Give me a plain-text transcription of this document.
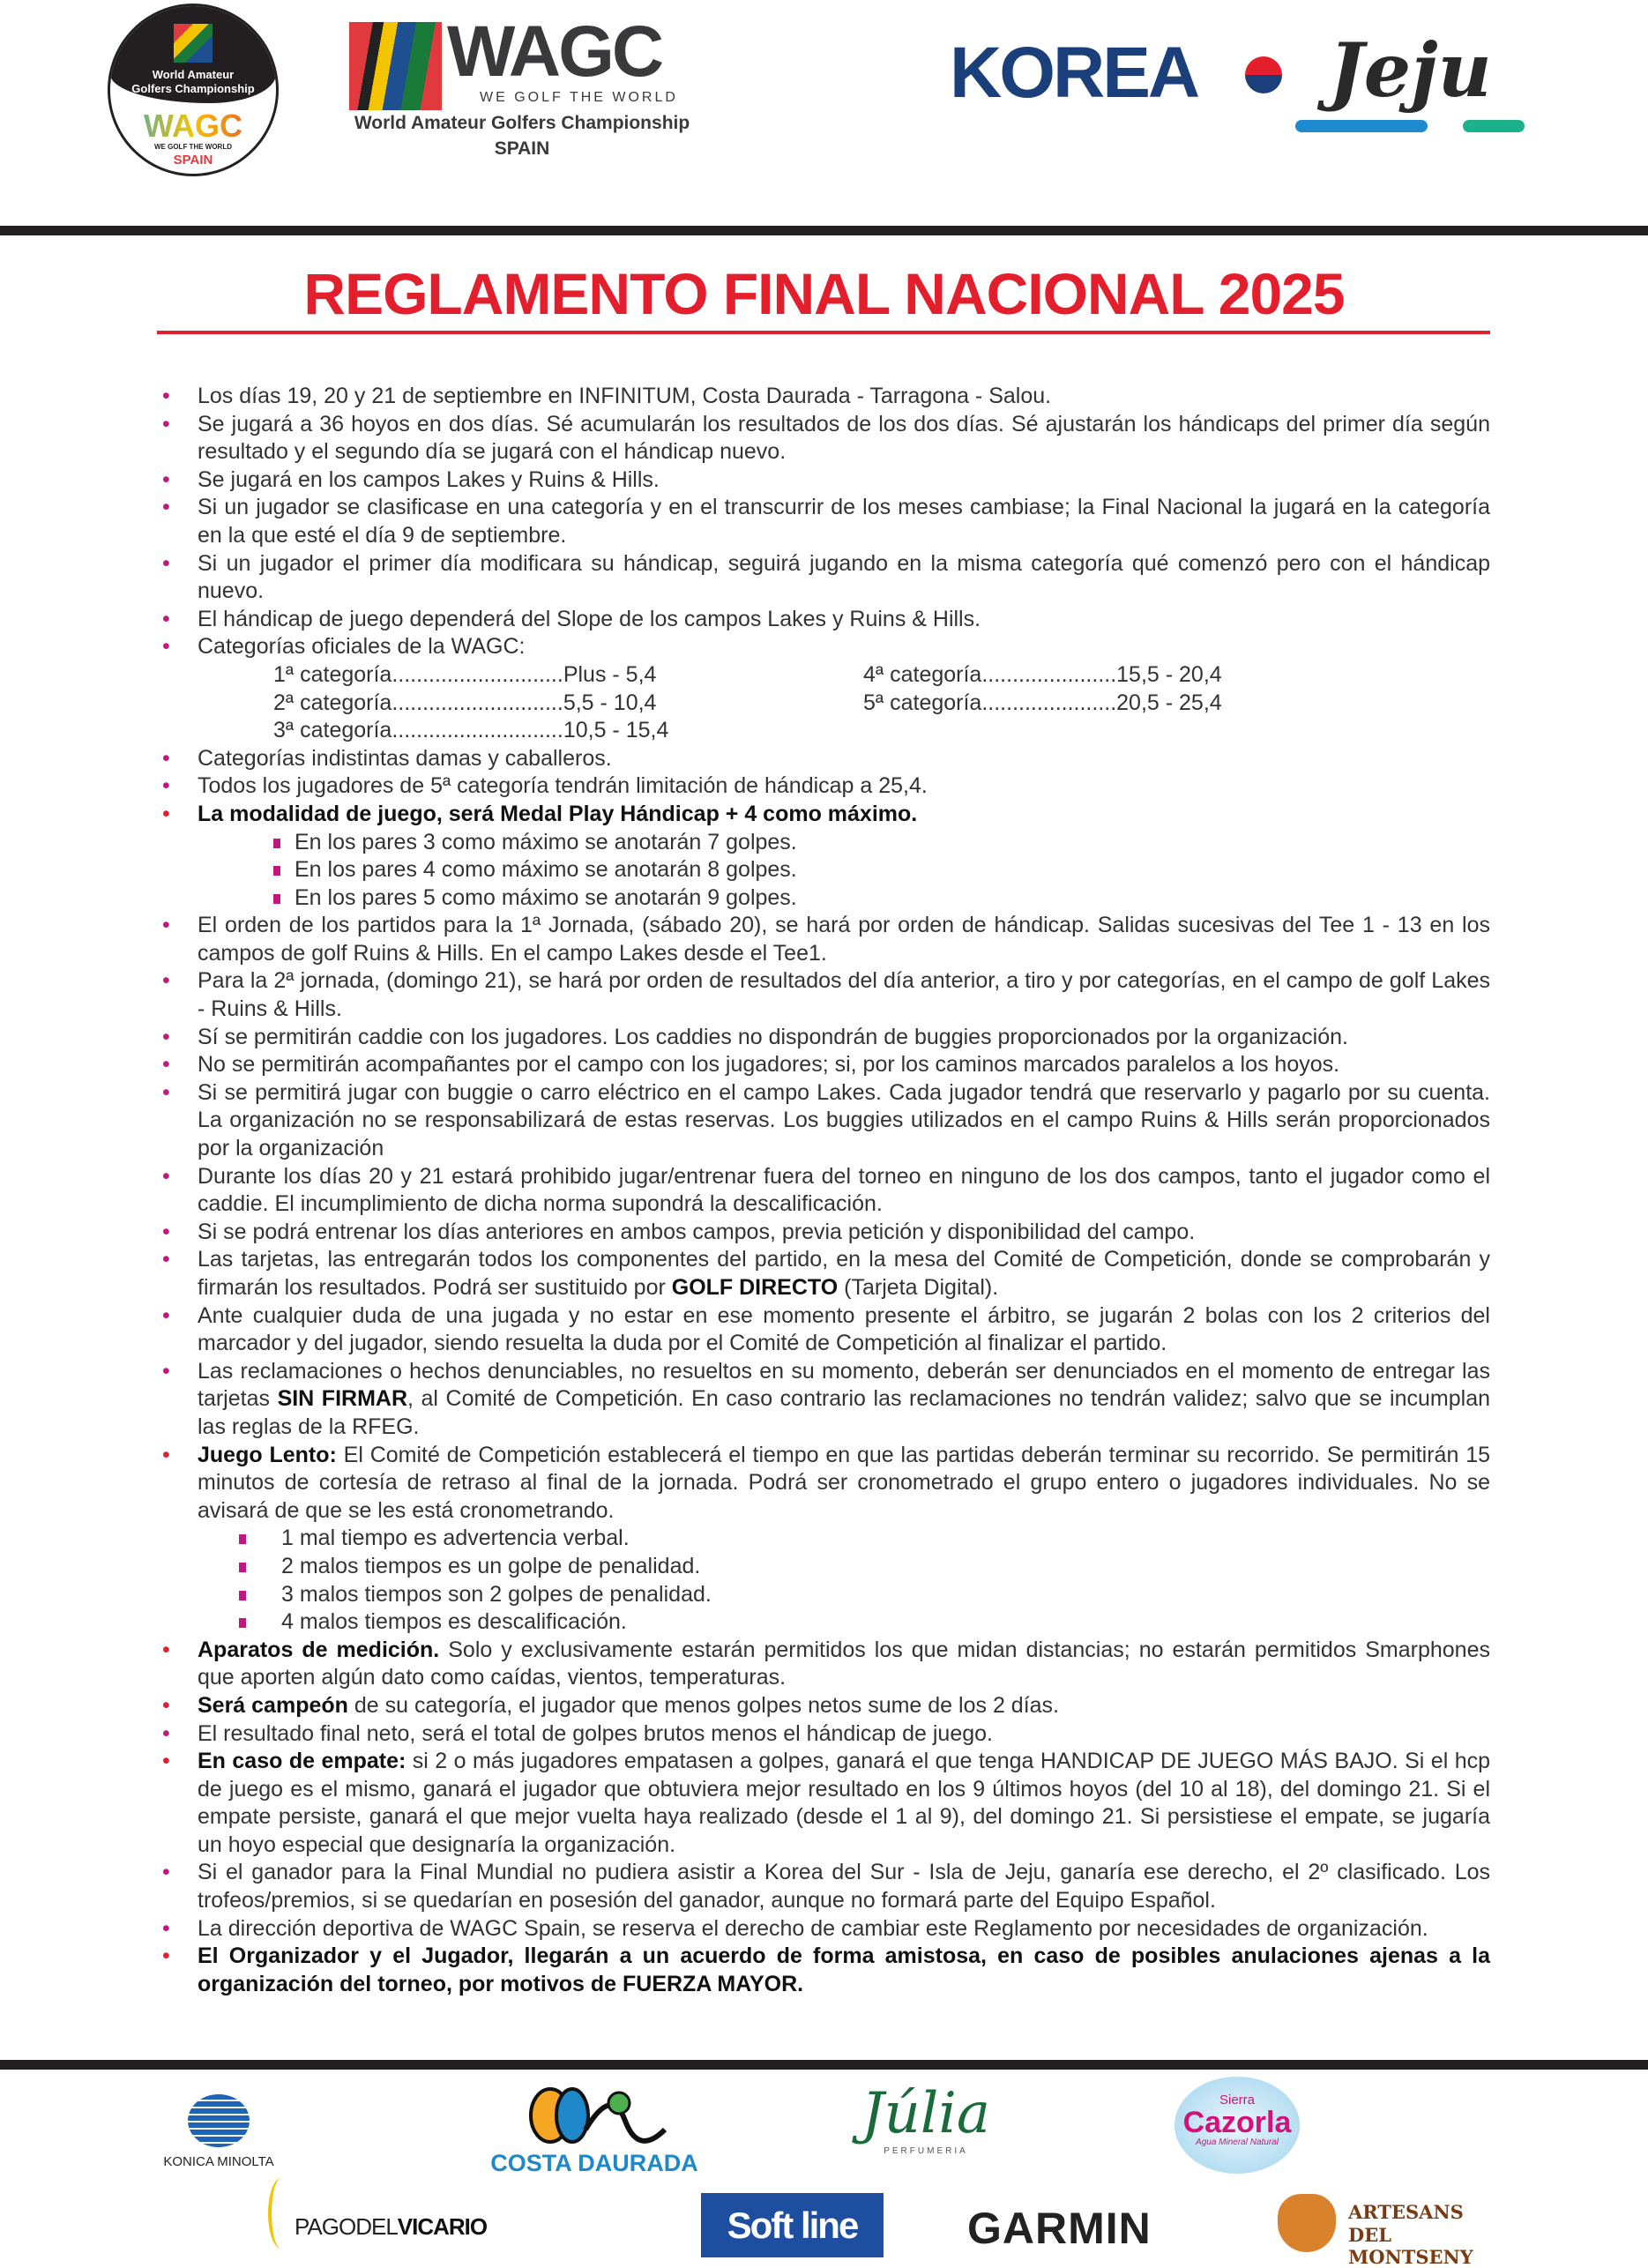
World Amateur
Golfers Championship
WAGC
WE GOLF THE WORLD
SPAIN
WAGC
WE GOLF THE WORLD
World Amateur Golfers Championship
SPAIN
KOREA Jeju
REGLAMENTO FINAL NACIONAL 2025
• Los días 19, 20 y 21 de septiembre en INFINITUM, Costa Daurada - Tarragona - Salou.
• Se jugará a 36 hoyos en dos días. Sé acumularán los resultados de los dos días. Sé ajustarán los hándicaps del primer día según resultado y el segundo día se jugará con el hándicap nuevo.
• Se jugará en los campos Lakes y Ruins & Hills.
• Si un jugador se clasificase en una categoría y en el transcurrir de los meses cambiase; la Final Nacional la jugará en la categoría en la que esté el día 9 de septiembre.
• Si un jugador el primer día modificara su hándicap, seguirá jugando en la misma categoría qué comenzó pero con el hándicap nuevo.
• El hándicap de juego dependerá del Slope de los campos Lakes y Ruins & Hills.
• Categorías oficiales de la WAGC:
1ª categoría ............................ Plus - 5,4	4ª categoría ...................... 15,5 - 20,4
2ª categoría ............................ 5,5 - 10,4	5ª categoría ...................... 20,5 - 25,4
3ª categoría ............................ 10,5 - 15,4
• Categorías indistintas damas y caballeros.
• Todos los jugadores de 5ª categoría tendrán limitación de hándicap a 25,4.
• La modalidad de juego, será Medal Play Hándicap + 4 como máximo.
En los pares 3 como máximo se anotarán 7 golpes.
En los pares 4 como máximo se anotarán 8 golpes.
En los pares 5 como máximo se anotarán 9 golpes.
• El orden de los partidos para la 1ª Jornada, (sábado 20), se hará por orden de hándicap. Salidas sucesivas del Tee 1 - 13 en los campos de golf Ruins & Hills. En el campo Lakes desde el Tee1.
• Para la 2ª jornada, (domingo 21), se hará por orden de resultados del día anterior, a tiro y por categorías, en el campo de golf Lakes - Ruins & Hills.
• Sí se permitirán caddie con los jugadores. Los caddies no dispondrán de buggies proporcionados por la organización.
• No se permitirán acompañantes por el campo con los jugadores; si, por los caminos marcados paralelos a los hoyos.
• Si se permitirá jugar con buggie o carro eléctrico en el campo Lakes. Cada jugador tendrá que reservarlo y pagarlo por su cuenta. La organización no se responsabilizará de estas reservas. Los buggies utilizados en el campo Ruins & Hills serán proporcionados por la organización
• Durante los días 20 y 21 estará prohibido jugar/entrenar fuera del torneo en ninguno de los dos campos, tanto el jugador como el caddie. El incumplimiento de dicha norma supondrá la descalificación.
• Si se podrá entrenar los días anteriores en ambos campos, previa petición y disponibilidad del campo.
• Las tarjetas, las entregarán todos los componentes del partido, en la mesa del Comité de Competición, donde se comprobarán y firmarán los resultados. Podrá ser sustituido por GOLF DIRECTO (Tarjeta Digital).
• Ante cualquier duda de una jugada y no estar en ese momento presente el árbitro, se jugarán 2 bolas con los 2 criterios del marcador y del jugador, siendo resuelta la duda por el Comité de Competición al finalizar el partido.
• Las reclamaciones o hechos denunciables, no resueltos en su momento, deberán ser denunciados en el momento de entregar las tarjetas SIN FIRMAR, al Comité de Competición. En caso contrario las reclamaciones no tendrán validez; salvo que se incumplan las reglas de la RFEG.
• Juego Lento: El Comité de Competición establecerá el tiempo en que las partidas deberán terminar su recorrido. Se permitirán 15 minutos de cortesía de retraso al final de la jornada. Podrá ser cronometrado el grupo entero o jugadores individuales. No se avisará de que se les está cronometrando.
1 mal tiempo es advertencia verbal.
2 malos tiempos es un golpe de penalidad.
3 malos tiempos son 2 golpes de penalidad.
4 malos tiempos es descalificación.
• Aparatos de medición. Solo y exclusivamente estarán permitidos los que midan distancias; no estarán permitidos Smarphones que aporten algún dato como caídas, vientos, temperaturas.
• Será campeón de su categoría, el jugador que menos golpes netos sume de los 2 días.
• El resultado final neto, será el total de golpes brutos menos el hándicap de juego.
• En caso de empate: si 2 o más jugadores empatasen a golpes, ganará el que tenga HANDICAP DE JUEGO MÁS BAJO. Si el hcp de juego es el mismo, ganará el jugador que obtuviera mejor resultado en los 9 últimos hoyos (del 10 al 18), del domingo 21. Si el empate persiste, ganará el que mejor vuelta haya realizado (desde el 1 al 9), del domingo 21. Si persistiese el empate, se jugaría un hoyo especial que designaría la organización.
• Si el ganador para la Final Mundial no pudiera asistir a Korea del Sur - Isla de Jeju, ganaría ese derecho, el 2º clasificado. Los trofeos/premios, si se quedarían en posesión del ganador, aunque no formará parte del Equipo Español.
• La dirección deportiva de WAGC Spain, se reserva el derecho de cambiar este Reglamento por necesidades de organización.
• El Organizador y el Jugador, llegarán a un acuerdo de forma amistosa, en caso de posibles anulaciones ajenas a la organización del torneo, por motivos de FUERZA MAYOR.
KONICA MINOLTA	COSTA DAURADA
Júlia
PERFUMERIA
Sierra
Cazorla
Agua Mineral Natural
PAGODELVICARIO	Soft line	GARMIN	ARTESANS
DEL MONTSENY
